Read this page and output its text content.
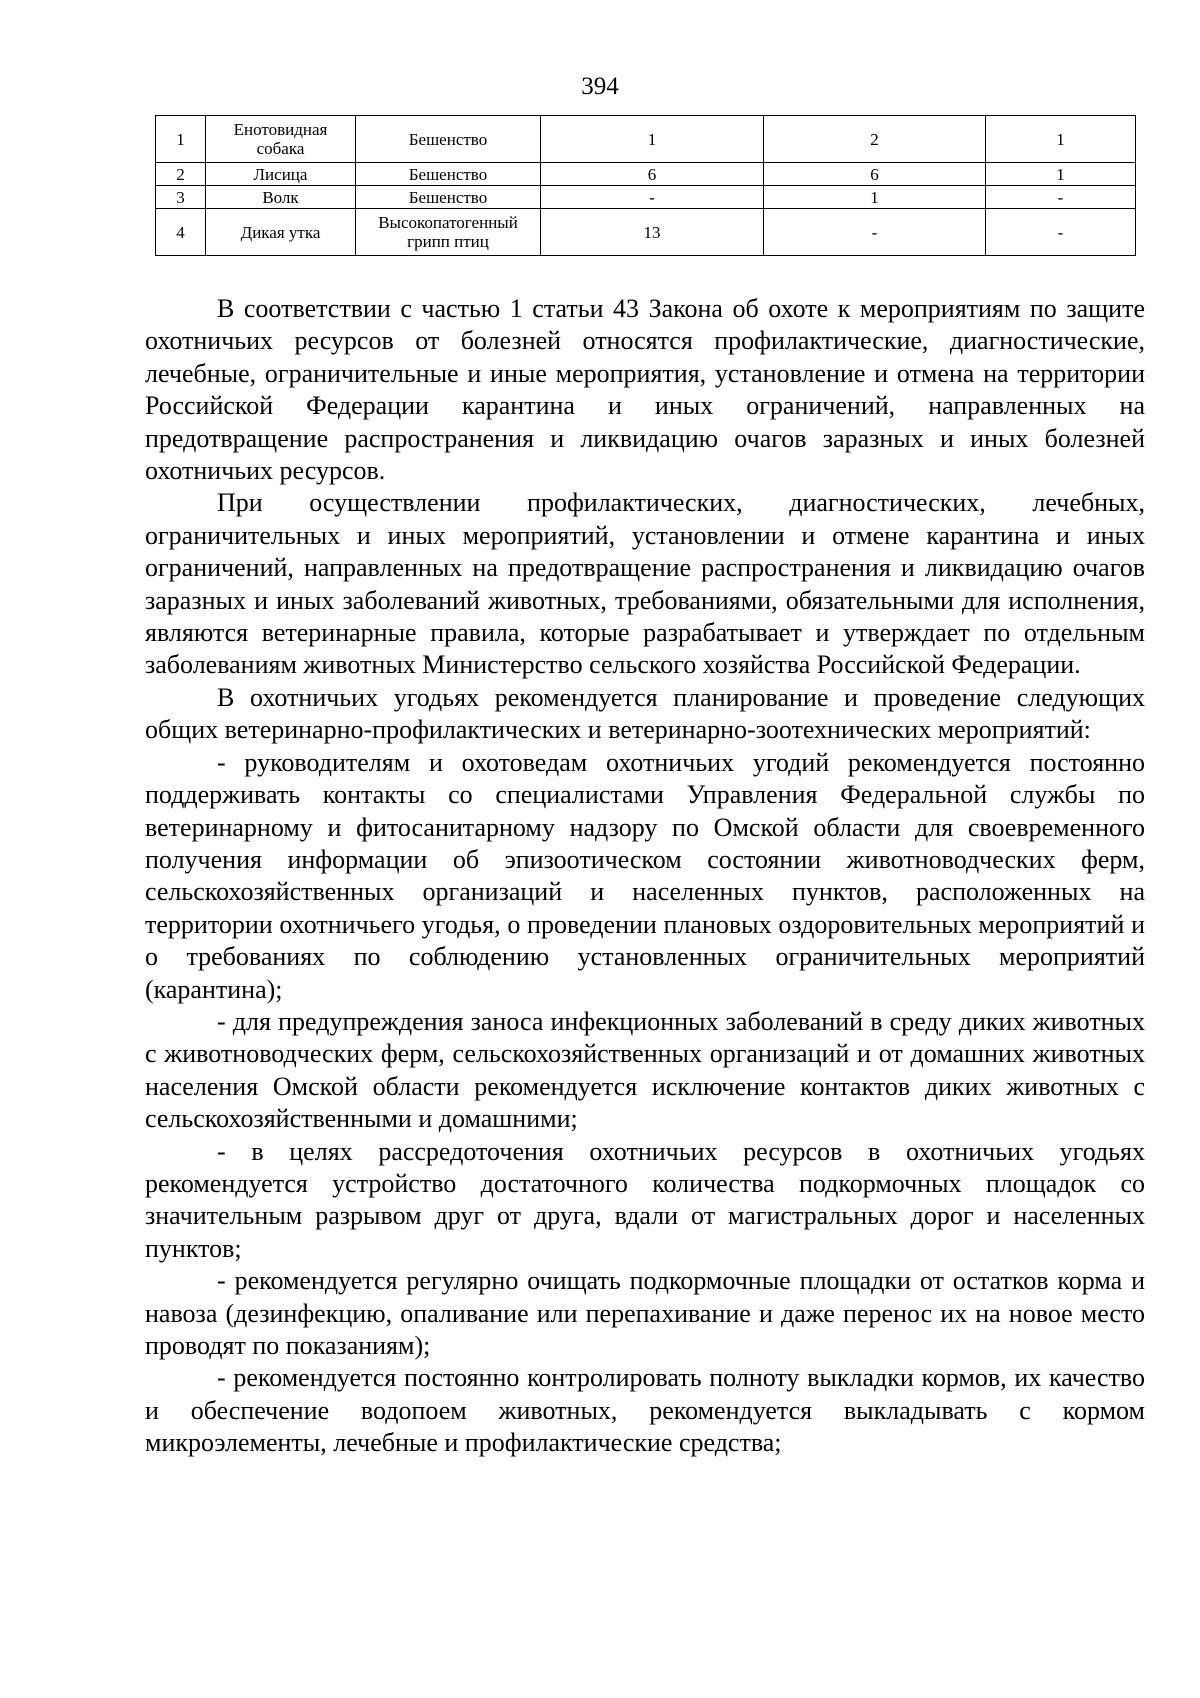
394
1	Енотовидная собака	Бешенство	1	2	1
2	Лисица	Бешенство	6	6	1
3	Волк	Бешенство	-	1	-
4	Дикая утка	Высокопатогенный грипп птиц	13	-	-

В соответствии с частью 1 статьи 43 Закона об охоте к мероприятиям по защите охотничьих ресурсов от болезней относятся профилактические, диагностические, лечебные, ограничительные и иные мероприятия, установление и отмена на территории Российской Федерации карантина и иных ограничений, направленных на предотвращение распространения и ликвидацию очагов заразных и иных болезней охотничьих ресурсов.

При осуществлении профилактических, диагностических, лечебных, ограничительных и иных мероприятий, установлении и отмене карантина и иных ограничений, направленных на предотвращение распространения и ликвидацию очагов заразных и иных заболеваний животных, требованиями, обязательными для исполнения, являются ветеринарные правила, которые разрабатывает и утверждает по отдельным заболеваниям животных Министерство сельского хозяйства Российской Федерации.

В охотничьих угодьях рекомендуется планирование и проведение следующих общих ветеринарно-профилактических и ветеринарно-зоотехнических мероприятий:

- руководителям и охотоведам охотничьих угодий рекомендуется постоянно поддерживать контакты со специалистами Управления Федеральной службы по ветеринарному и фитосанитарному надзору по Омской области для своевременного получения информации об эпизоотическом состоянии животноводческих ферм, сельскохозяйственных организаций и населенных пунктов, расположенных на территории охотничьего угодья, о проведении плановых оздоровительных мероприятий и о требованиях по соблюдению установленных ограничительных мероприятий (карантина);

- для предупреждения заноса инфекционных заболеваний в среду диких животных с животноводческих ферм, сельскохозяйственных организаций и от домашних животных населения Омской области рекомендуется исключение контактов диких животных с сельскохозяйственными и домашними;

- в целях рассредоточения охотничьих ресурсов в охотничьих угодьях рекомендуется устройство достаточного количества подкормочных площадок со значительным разрывом друг от друга, вдали от магистральных дорог и населенных пунктов;

- рекомендуется регулярно очищать подкормочные площадки от остатков корма и навоза (дезинфекцию, опаливание или перепахивание и даже перенос их на новое место проводят по показаниям);

- рекомендуется постоянно контролировать полноту выкладки кормов, их качество и обеспечение водопоем животных, рекомендуется выкладывать с кормом микроэлементы, лечебные и профилактические средства;
